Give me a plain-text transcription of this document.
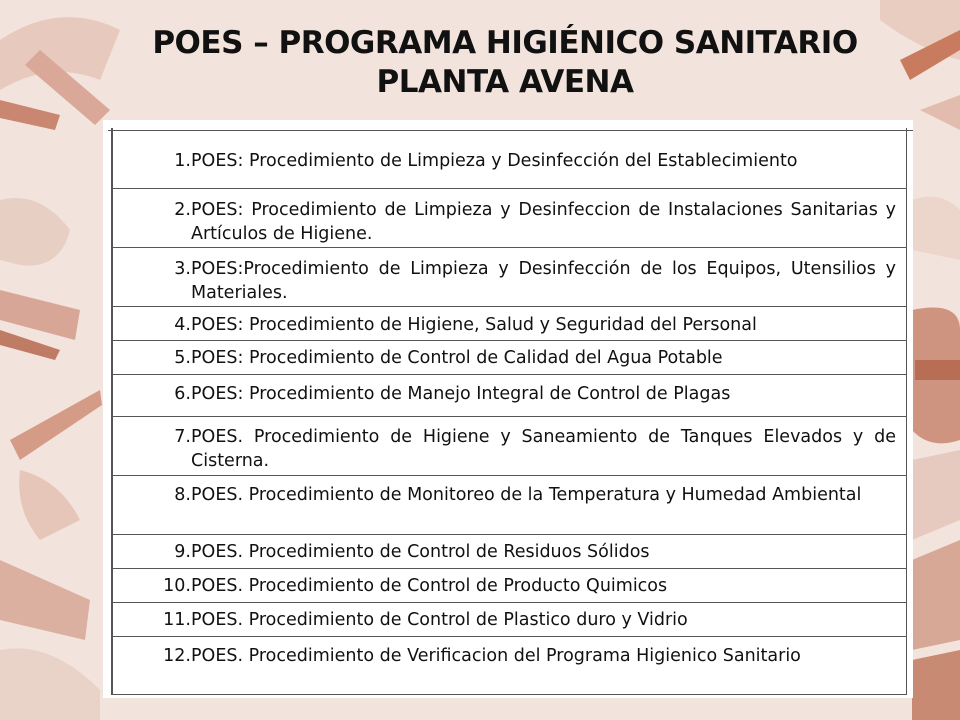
POES – PROGRAMA HIGIÉNICO SANITARIO
PLANTA AVENA
1. POES: Procedimiento de Limpieza y Desinfección del Establecimiento
2. POES: Procedimiento de Limpieza y Desinfeccion de Instalaciones Sanitarias y Artículos de Higiene.
3. POES:Procedimiento de Limpieza y Desinfección de los Equipos, Utensilios y Materiales.
4. POES: Procedimiento de Higiene, Salud y Seguridad del Personal
5. POES: Procedimiento de Control de Calidad del Agua Potable
6. POES: Procedimiento de Manejo Integral de Control de Plagas
7. POES. Procedimiento de Higiene y Saneamiento de Tanques Elevados y de Cisterna.
8. POES. Procedimiento de Monitoreo de la Temperatura y Humedad Ambiental
9. POES. Procedimiento de Control de Residuos Sólidos
10. POES. Procedimiento de Control de Producto Quimicos
11. POES. Procedimiento de Control de Plastico duro y Vidrio
12. POES. Procedimiento de Verificacion del Programa Higienico Sanitario
